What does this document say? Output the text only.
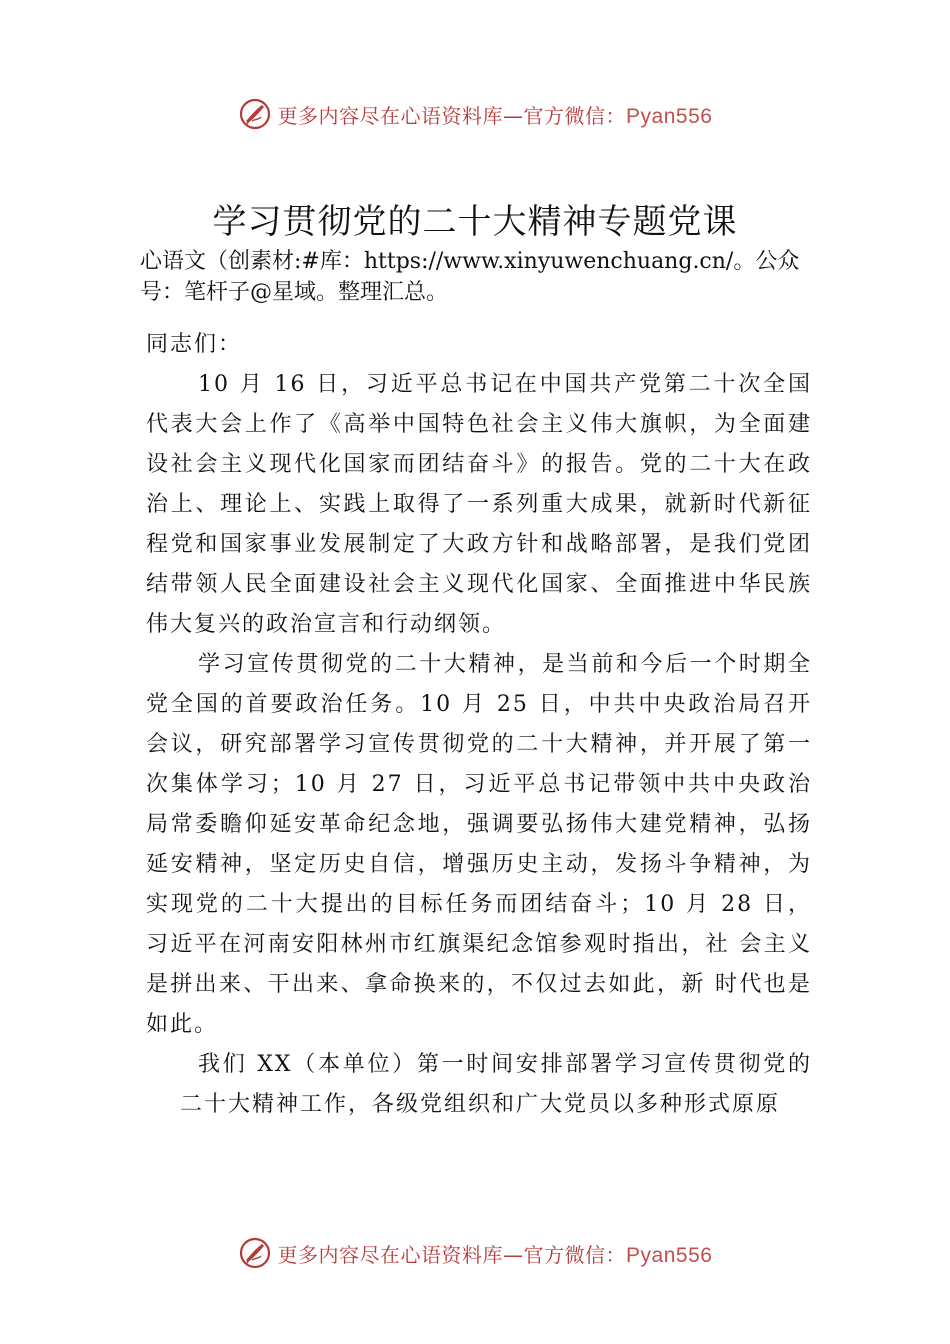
更多内容尽在心语资料库—官方微信：Pyan556
学习贯彻党的二十大精神专题党课
心语文（创素材:#库：https://www.xinyuwenchuang.cn/。公众号：笔杆子@星域。整理汇总。

同志们：

10 月 16 日，习近平总书记在中国共产党第二十次全国代表大会上作了《高举中国特色社会主义伟大旗帜，为全面建设社会主义现代化国家而团结奋斗》的报告。党的二十大在政治上、理论上、实践上取得了一系列重大成果，就新时代新征程党和国家事业发展制定了大政方针和战略部署，是我们党团结带领人民全面建设社会主义现代化国家、全面推进中华民族伟大复兴的政治宣言和行动纲领。

学习宣传贯彻党的二十大精神，是当前和今后一个时期全党全国的首要政治任务。10 月 25 日，中共中央政治局召开会议，研究部署学习宣传贯彻党的二十大精神，并开展了第一次集体学习；10 月 27 日，习近平总书记带领中共中央政治局常委瞻仰延安革命纪念地，强调要弘扬伟大建党精神，弘扬延安精神，坚定历史自信，增强历史主动，发扬斗争精神，为实现党的二十大提出的目标任务而团结奋斗；10 月 28 日，习近平在河南安阳林州市红旗渠纪念馆参观时指出，社 会主义是拼出来、干出来、拿命换来的，不仅过去如此，新 时代也是如此。

我们 XX（本单位）第一时间安排部署学习宣传贯彻党的二十大精神工作，各级党组织和广大党员以多种形式原原

更多内容尽在心语资料库—官方微信：Pyan556
